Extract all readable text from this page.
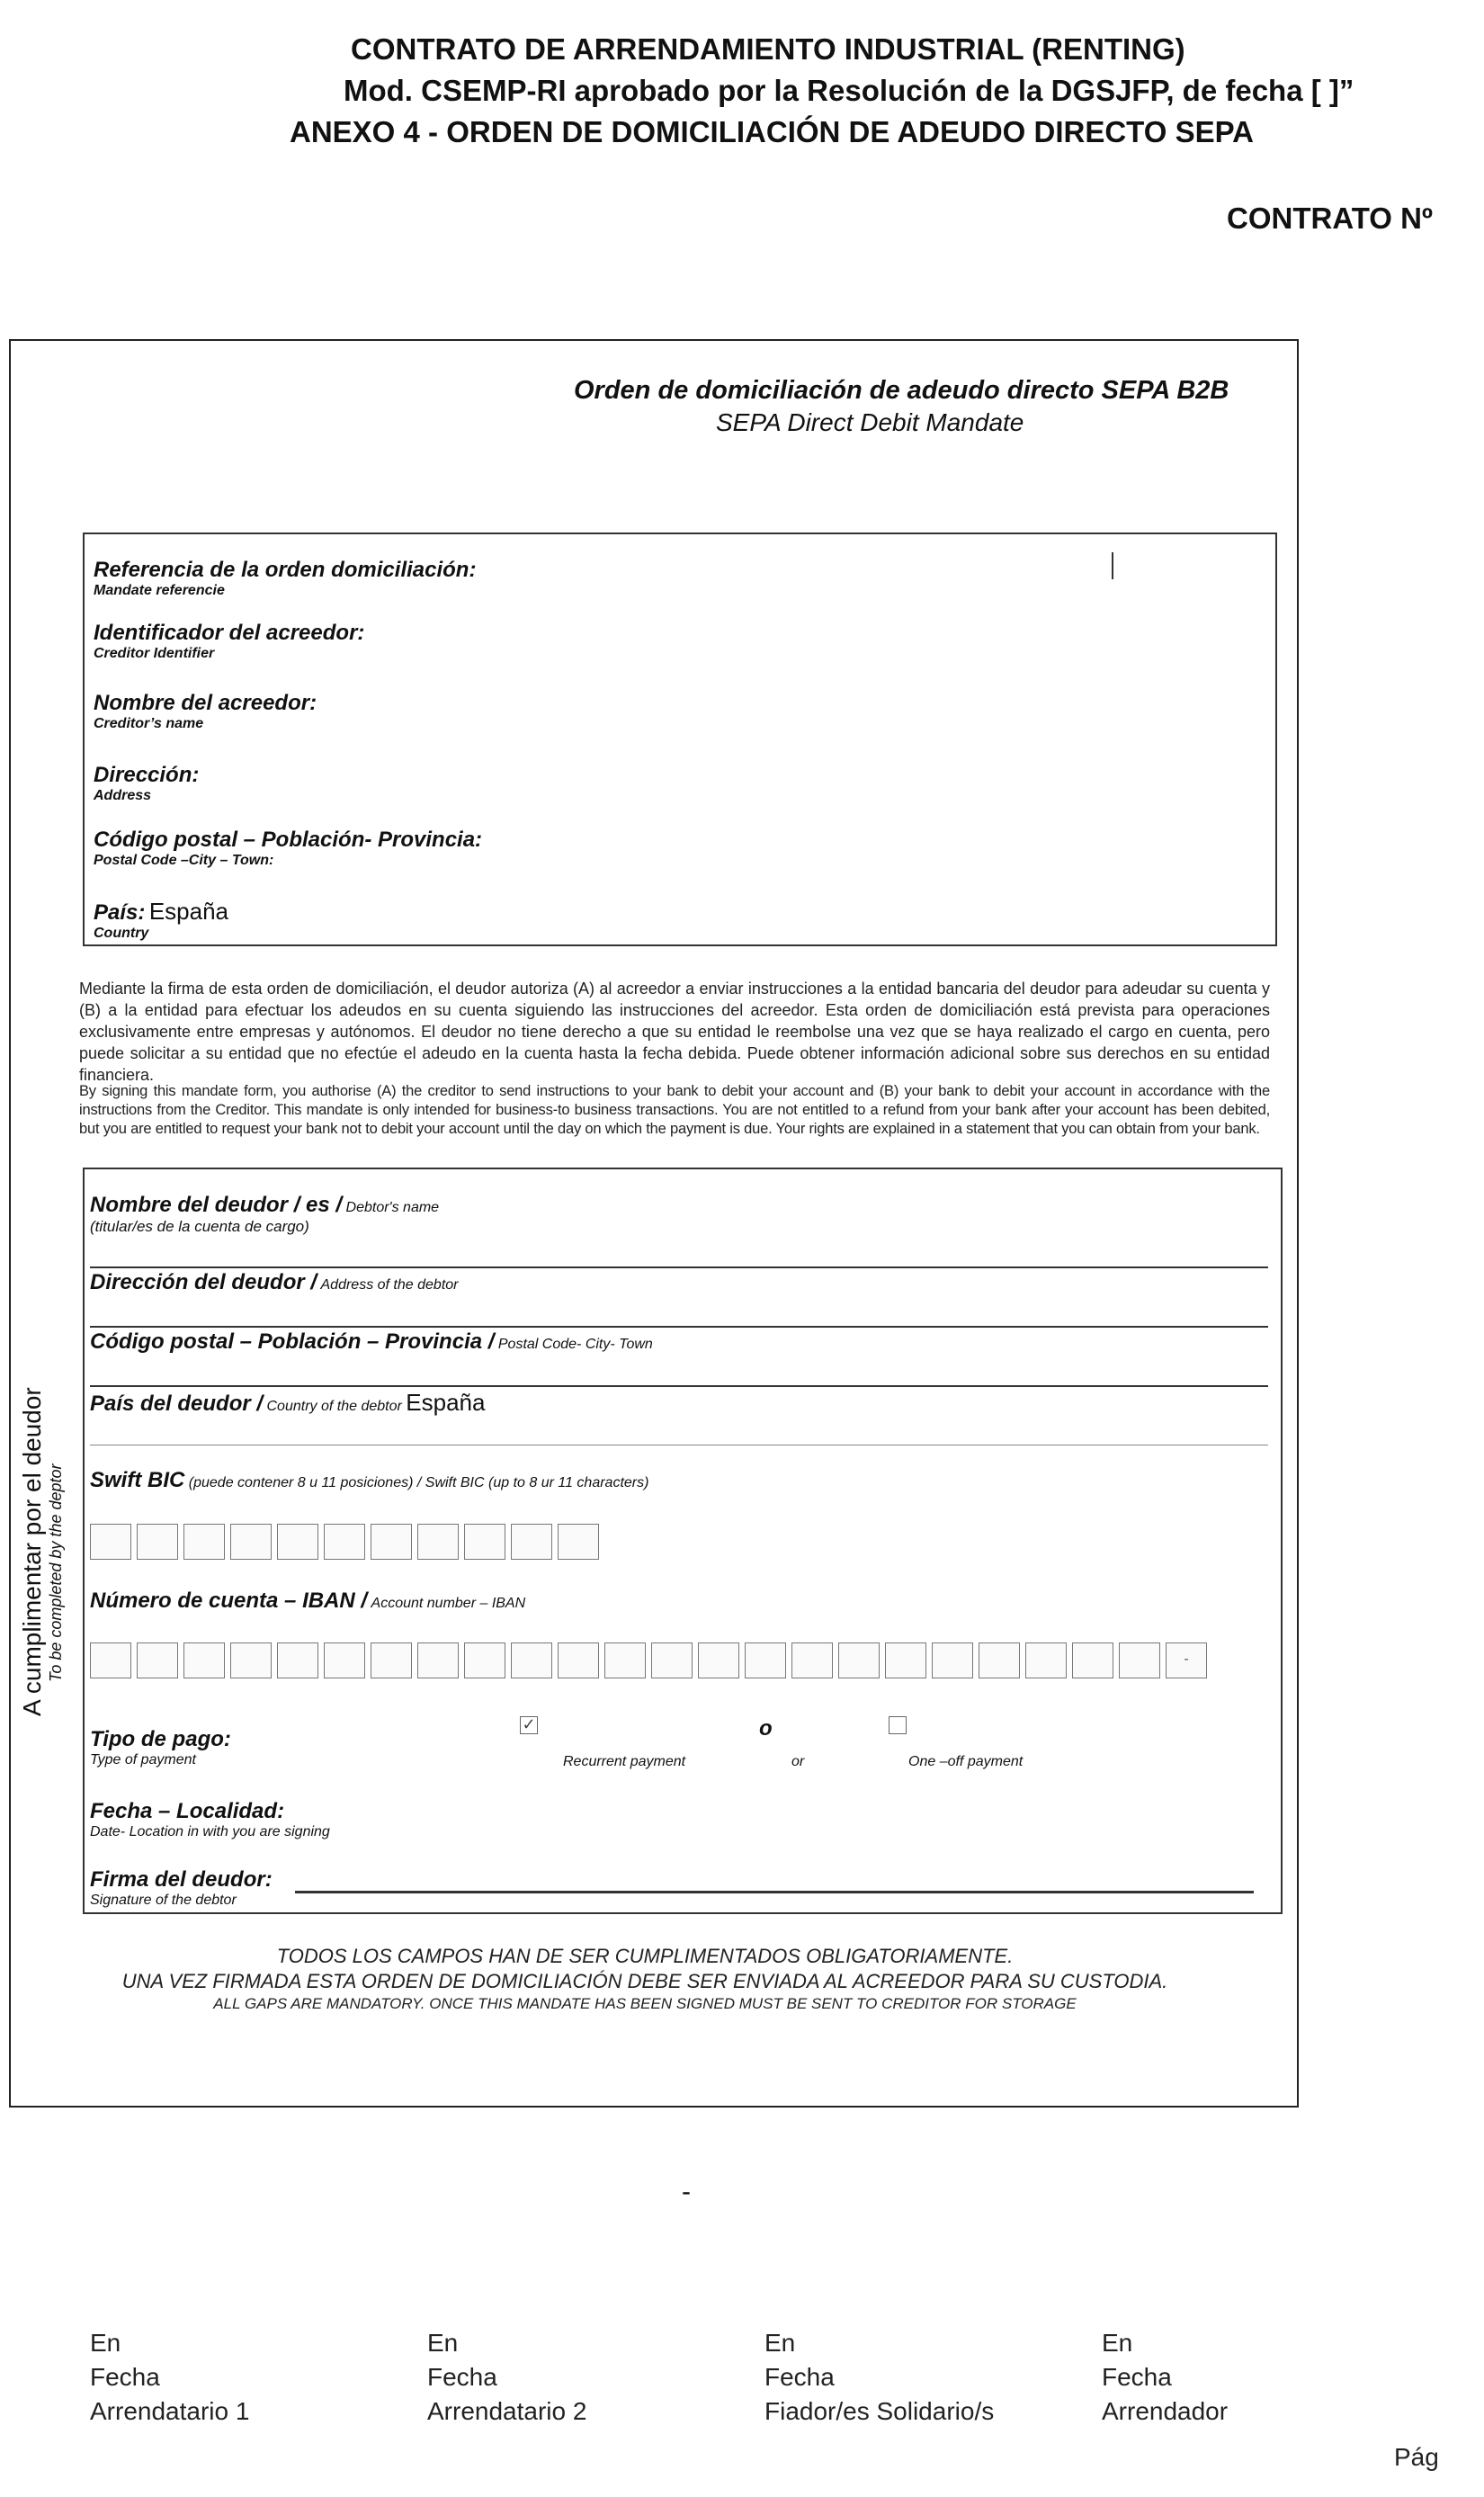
CONTRATO DE ARRENDAMIENTO INDUSTRIAL (RENTING)
Mod. CSEMP-RI aprobado por la Resolución de la DGSJFP, de fecha [ ]”
ANEXO 4 - ORDEN DE DOMICILIACIÓN DE ADEUDO DIRECTO SEPA
CONTRATO Nº
Orden de domiciliación de adeudo directo SEPA B2B
SEPA Direct Debit Mandate
Referencia de la orden domiciliación:
Mandate referencie
Identificador del acreedor:
Creditor Identifier
Nombre del acreedor:
Creditor’s name
Dirección:
Address
Código postal – Población- Provincia:
Postal Code –City – Town:
País: España
Country
Mediante la firma de esta orden de domiciliación, el deudor autoriza (A) al acreedor a enviar instrucciones a la entidad bancaria del deudor para adeudar su cuenta y (B) a la entidad para efectuar los adeudos en su cuenta siguiendo las instrucciones del acreedor. Esta orden de domiciliación está prevista para operaciones exclusivamente entre empresas y autónomos. El deudor no tiene derecho a que su entidad le reembolse una vez que se haya realizado el cargo en cuenta, pero puede solicitar a su entidad que no efectúe el adeudo en la cuenta hasta la fecha debida. Puede obtener información adicional sobre sus derechos en su entidad financiera.
By signing this mandate form, you authorise (A) the creditor to send instructions to your bank to debit your account and (B) your bank to debit your account in accordance with the instructions from the Creditor. This mandate is only intended for business-to business transactions. You are not entitled to a refund from your bank after your account has been debited, but you are entitled to request your bank not to debit your account until the day on which the payment is due. Your rights are explained in a statement that you can obtain from your bank.
A cumplimentar por el deudor To be completed by the deptor
Nombre del deudor / es / Debtor's name
(titular/es de la cuenta de cargo)
Dirección del deudor / Address of the debtor
Código postal – Población – Provincia / Postal Code- City- Town
País del deudor / Country of the debtor España
Swift BIC (puede contener 8 u 11 posiciones) / Swift BIC (up to 8 ur 11 characters)
Número de cuenta – IBAN / Account number – IBAN
-
Tipo de pago:
Type of payment
✓
Recurrent payment
o
or	One –off payment
Fecha – Localidad:
Date- Location in with you are signing
Firma del deudor:
Signature of the debtor
TODOS LOS CAMPOS HAN DE SER CUMPLIMENTADOS OBLIGATORIAMENTE.
UNA VEZ FIRMADA ESTA ORDEN DE DOMICILIACIÓN DEBE SER ENVIADA AL ACREEDOR PARA SU CUSTODIA.
ALL GAPS ARE MANDATORY. ONCE THIS MANDATE HAS BEEN SIGNED MUST BE SENT TO CREDITOR FOR STORAGE
-
En
Fecha
Arrendatario 1
En
Fecha
Arrendatario 2
En
Fecha
Fiador/es Solidario/s
En
Fecha
Arrendador
Pág
